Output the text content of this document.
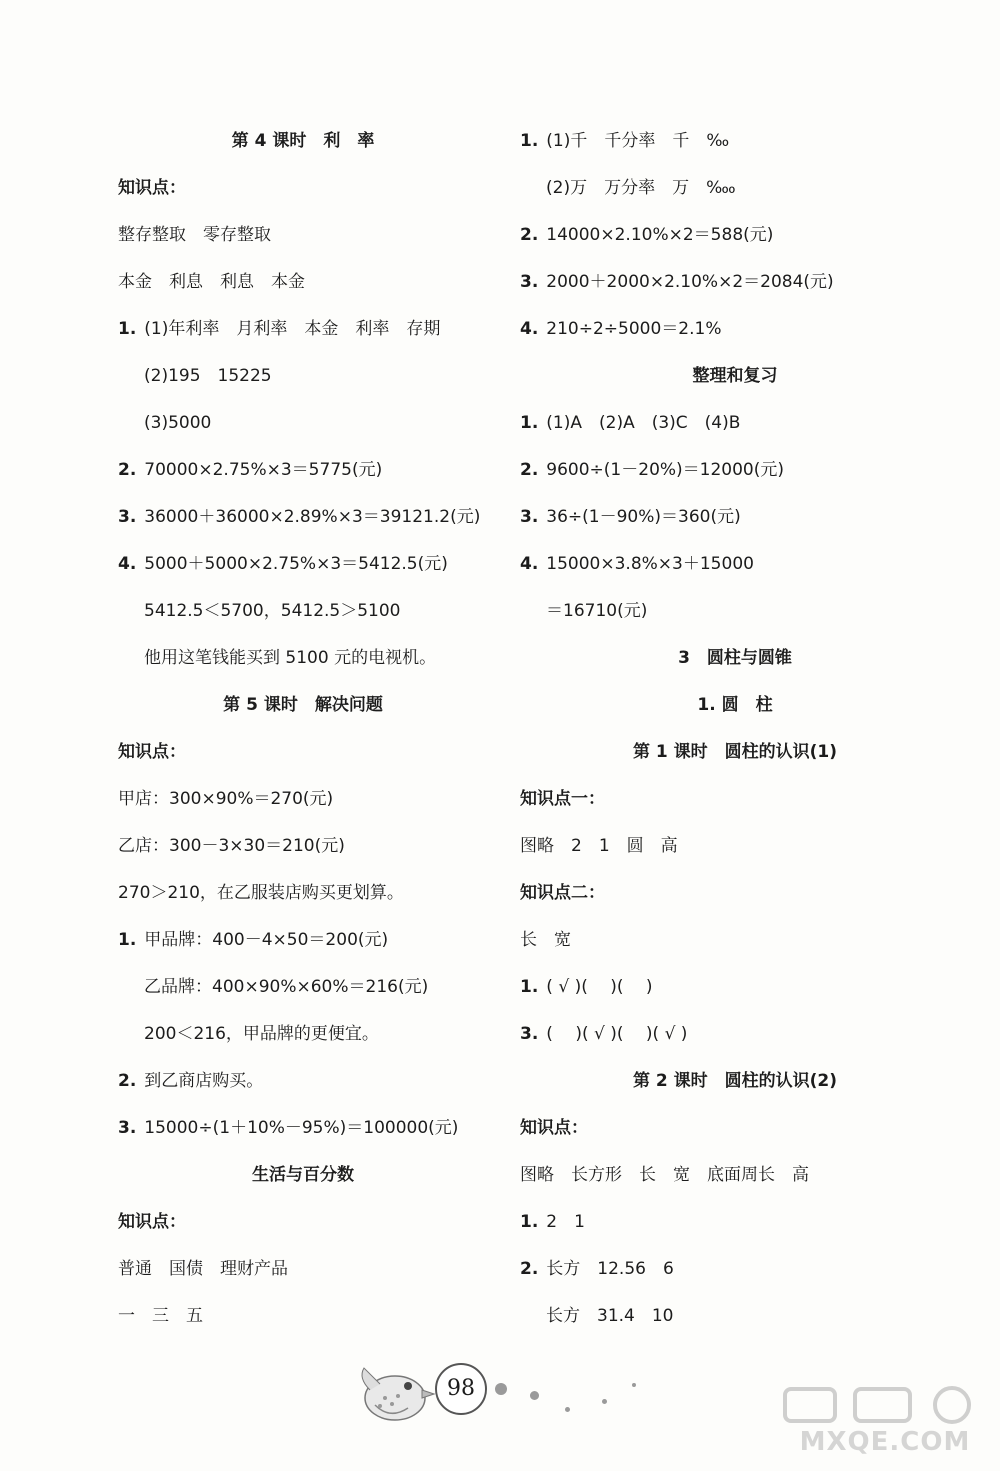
第 4 课时　利　率
知识点：
整存整取　零存整取
本金　利息　利息　本金
1. (1)年利率　月利率　本金　利率　存期
(2)195　15225
(3)5000
2. 70000×2.75%×3＝5775(元)
3. 36000＋36000×2.89%×3＝39121.2(元)
4. 5000＋5000×2.75%×3＝5412.5(元)
5412.5＜5700，5412.5＞5100
他用这笔钱能买到 5100 元的电视机。
第 5 课时　解决问题
知识点：
甲店：300×90%＝270(元)
乙店：300－3×30＝210(元)
270＞210，在乙服装店购买更划算。
1. 甲品牌：400－4×50＝200(元)
乙品牌：400×90%×60%＝216(元)
200＜216，甲品牌的更便宜。
2. 到乙商店购买。
3. 15000÷(1＋10%－95%)＝100000(元)
生活与百分数
知识点：
普通　国债　理财产品
一　三　五
1. (1)千　千分率　千　‰
(2)万　万分率　万　‱
2. 14000×2.10%×2＝588(元)
3. 2000＋2000×2.10%×2＝2084(元)
4. 210÷2÷5000＝2.1%
整理和复习
1. (1)A　(2)A　(3)C　(4)B
2. 9600÷(1－20%)＝12000(元)
3. 36÷(1－90%)＝360(元)
4. 15000×3.8%×3＋15000
＝16710(元)
3　圆柱与圆锥
1. 圆　柱
第 1 课时　圆柱的认识(1)
知识点一：
图略　2　1　圆　高
知识点二：
长　宽
1. ( √ )(　 )(　 )
3. (　 )( √ )(　 )( √ )
第 2 课时　圆柱的认识(2)
知识点：
图略　长方形　长　宽　底面周长　高
1. 2　1
2. 长方　12.56　6
长方　31.4　10
98
MXQE.COM
